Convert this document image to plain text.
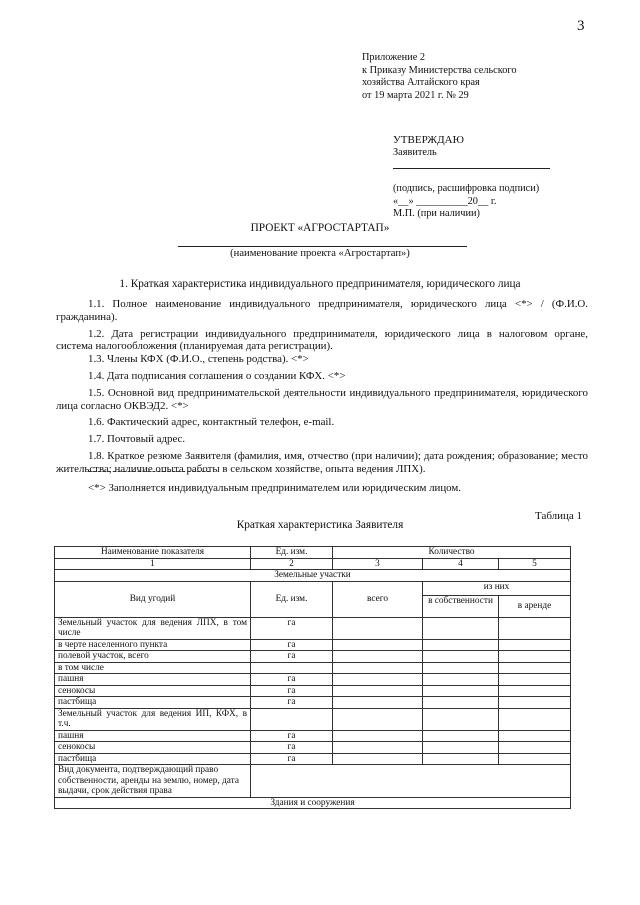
3
Приложение 2
к Приказу Министерства сельского
хозяйства Алтайского края
от 19 марта 2021 г. № 29
УТВЕРЖДАЮ
Заявитель
(подпись, расшифровка подписи)
«__» __________20__ г.
М.П. (при наличии)
ПРОЕКТ «АГРОСТАРТАП»
(наименование проекта «Агростартап»)
1. Краткая характеристика индивидуального предпринимателя, юридического лица

1.1. Полное наименование индивидуального предпринимателя, юридического лица <*> / (Ф.И.О. гражданина).

1.2. Дата регистрации индивидуального предпринимателя, юридического лица в налоговом органе, система налогообложения (планируемая дата регистрации).

1.3. Члены КФХ (Ф.И.О., степень родства). <*>

1.4. Дата подписания соглашения о создании КФХ. <*>

1.5. Основной вид предпринимательской деятельности индивидуального предпринимателя, юридического лица согласно ОКВЭД2. <*>

1.6. Фактический адрес, контактный телефон, e-mail.

1.7. Почтовый адрес.

1.8. Краткое резюме Заявителя (фамилия, имя, отчество (при наличии); дата рождения; образование; место жительства; наличие опыта работы в сельском хозяйстве, опыта ведения ЛПХ).

<*> Заполняется индивидуальным предпринимателем или юридическим лицом.
Таблица 1
Краткая характеристика Заявителя
Наименование показателя	Ед. изм.	Количество		
1	2	3	4	5
Земельные участки				
Вид угодий	Ед. изм.	всего	из них	
			в собственности	в аренде
Земельный участок для ведения ЛПХ, в том числе	га			
в черте населенного пункта	га			
полевой участок, всего	га			
в том числе				
пашня	га			
сенокосы	га			
пастбища	га			
Земельный участок для ведения ИП, КФХ, в т.ч.				
пашня	га			
сенокосы	га			
пастбища	га			
Вид документа, подтверждающий право собственности, аренды на землю, номер, дата выдачи, срок действия права				
Здания и сооружения				
